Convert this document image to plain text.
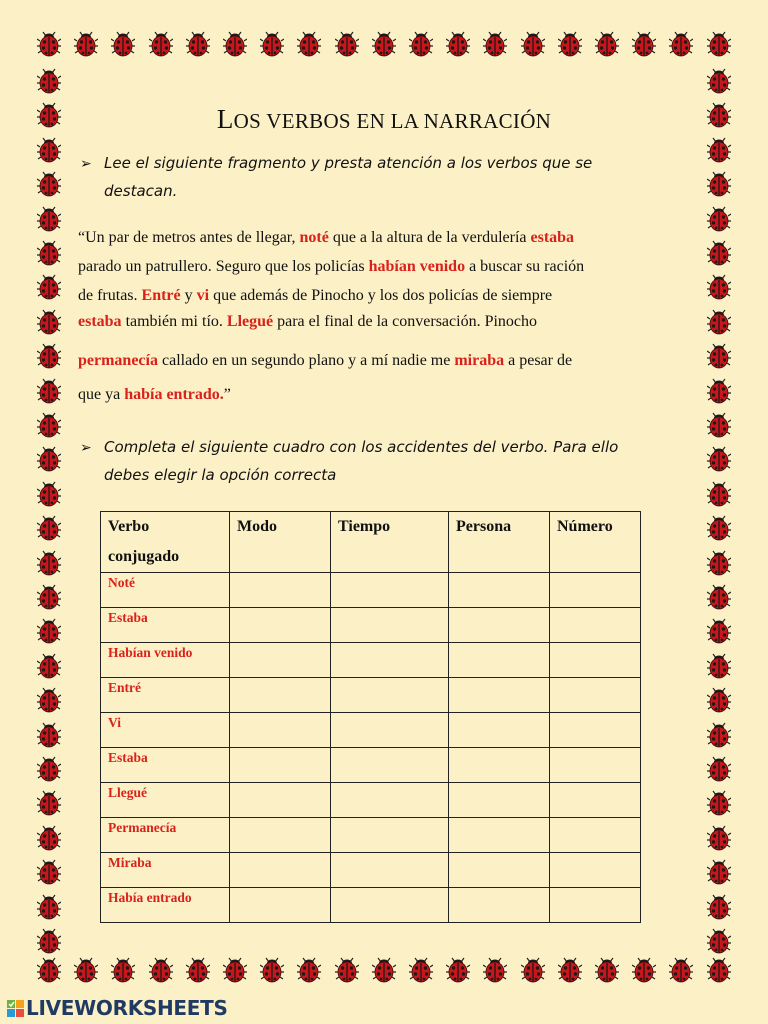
LOS VERBOS EN LA NARRACIÓN
➢ Lee el siguiente fragmento y presta atención a los verbos que se
destacan.
“Un par de metros antes de llegar, noté que a la altura de la verdulería estaba
parado un patrullero. Seguro que los policías habían venido a buscar su ración
de frutas. Entré y vi que además de Pinocho y los dos policías de siempre
estaba también mi tío. Llegué para el final de la conversación. Pinocho
permanecía callado en un segundo plano y a mí nadie me miraba a pesar de
que ya había entrado.”
➢ Completa el siguiente cuadro con los accidentes del verbo. Para ello
debes elegir la opción correcta
Verbo conjugado	Modo	Tiempo	Persona	Número
Noté				
Estaba				
Habían venido				
Entré				
Vi				
Estaba				
Llegué				
Permanecía				
Miraba				
Había entrado				
LIVEWORKSHEETS
